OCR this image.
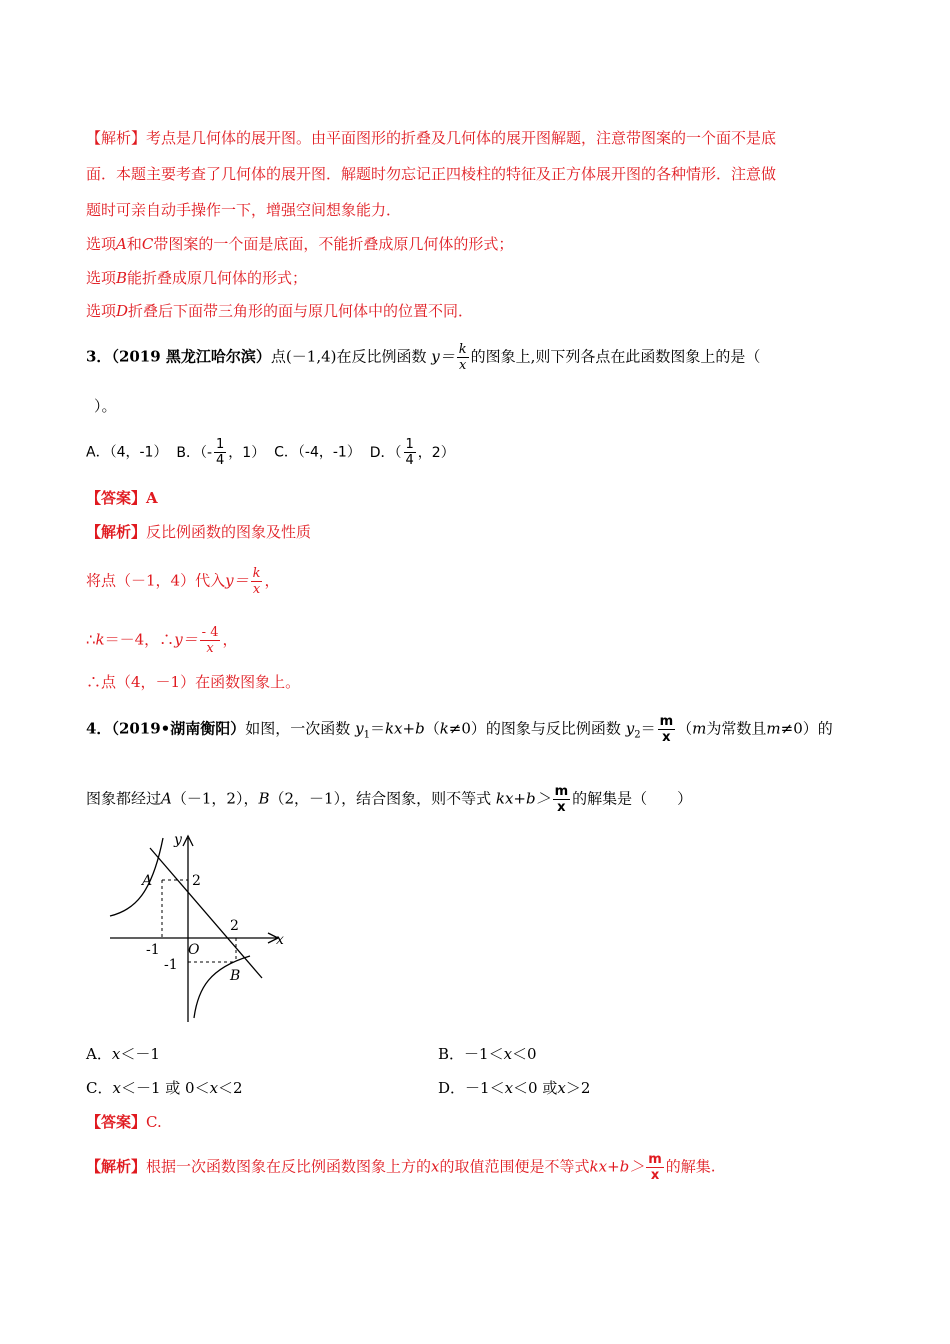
【解析】考点是几何体的展开图。由平面图形的折叠及几何体的展开图解题，注意带图案的一个面不是底
面．本题主要考查了几何体的展开图．解题时勿忘记正四棱柱的特征及正方体展开图的各种情形．注意做
题时可亲自动手操作一下，增强空间想象能力．
选项A和C带图案的一个面是底面，不能折叠成原几何体的形式；
选项B能折叠成原几何体的形式；
选项D折叠后下面带三角形的面与原几何体中的位置不同．
3．（2019 黑龙江哈尔滨）点(－1,4)在反比例函数 $y= \frac{k}{x}$ 的图象上,则下列各点在此函数图象上的是（
）。
A．（4，-1） B．（- $\frac{1}{4}$ ，1） C．（-4，-1） D．（ $\frac{1}{4}$ ，2）
【答案】A
【解析】反比例函数的图象及性质
将点（－1，4）代入$y= \frac{k}{x}$ ，
∴k＝－4，∴y＝ $\frac{- 4}{x}$ ，
∴点（4，－1）在函数图象上。
4．（2019•湖南衡阳）如图，一次函数 $y_1=kx+b(k\ne 0)$的图象与反比例函数 $y_2= \frac{m}{x} (m$为常数且m≠0）的
图象都经过A（－1，2），B（2，－1），结合图象，则不等式 $kx+b> \frac{m}{x}$ 的解集是（　　）
y
x
O
A
B
2
-1
2
-1
A．x＜－1	B．－1＜x＜0
C．x＜－1 或 0＜x＜2	D．－1＜x＜0 或x＞2
【答案】C.
【解析】根据一次函数图象在反比例函数图象上方的x的取值范围便是不等式$kx+b> \frac{m}{x}$ 的解集.
